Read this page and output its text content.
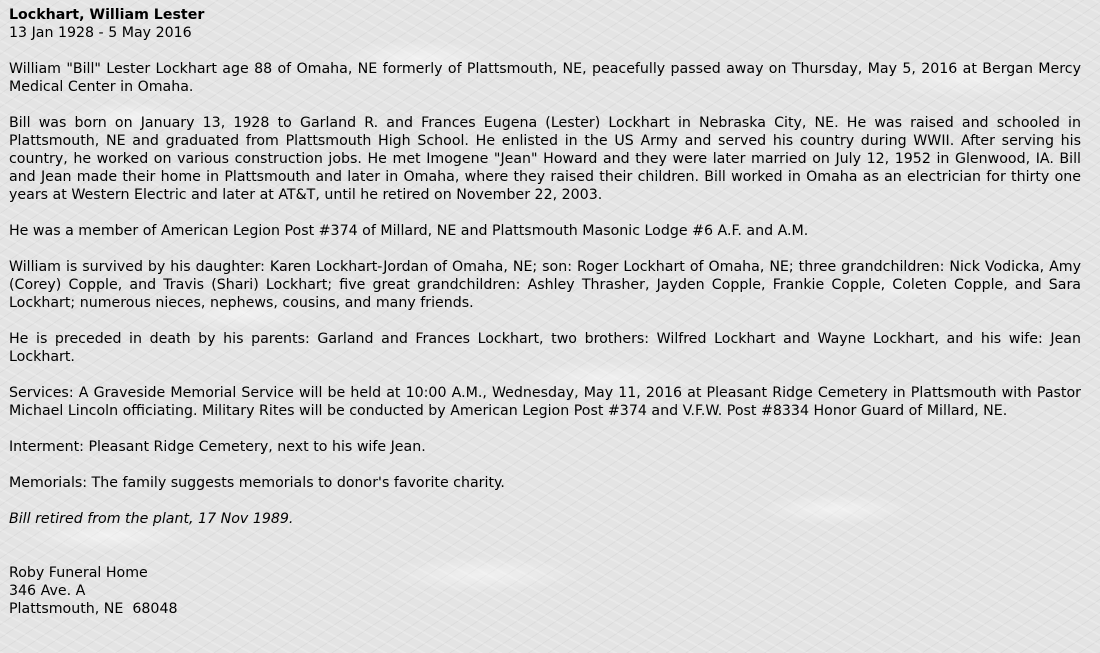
Lockhart, William Lester
13 Jan 1928 - 5 May 2016

William "Bill" Lester Lockhart age 88 of Omaha, NE formerly of Plattsmouth, NE, peacefully passed away on Thursday, May 5, 2016 at Bergan Mercy Medical Center in Omaha.

Bill was born on January 13, 1928 to Garland R. and Frances Eugena (Lester) Lockhart in Nebraska City, NE. He was raised and schooled in Plattsmouth, NE and graduated from Plattsmouth High School. He enlisted in the US Army and served his country during WWII. After serving his country, he worked on various construction jobs. He met Imogene "Jean" Howard and they were later married on July 12, 1952 in Glenwood, IA. Bill and Jean made their home in Plattsmouth and later in Omaha, where they raised their children. Bill worked in Omaha as an electrician for thirty one years at Western Electric and later at AT&T, until he retired on November 22, 2003.

He was a member of American Legion Post #374 of Millard, NE and Plattsmouth Masonic Lodge #6 A.F. and A.M.

William is survived by his daughter: Karen Lockhart-Jordan of Omaha, NE; son: Roger Lockhart of Omaha, NE; three grandchildren: Nick Vodicka, Amy (Corey) Copple, and Travis (Shari) Lockhart; five great grandchildren: Ashley Thrasher, Jayden Copple, Frankie Copple, Coleten Copple, and Sara Lockhart; numerous nieces, nephews, cousins, and many friends.

He is preceded in death by his parents: Garland and Frances Lockhart, two brothers: Wilfred Lockhart and Wayne Lockhart, and his wife: Jean Lockhart.

Services: A Graveside Memorial Service will be held at 10:00 A.M., Wednesday, May 11, 2016 at Pleasant Ridge Cemetery in Plattsmouth with Pastor Michael Lincoln officiating. Military Rites will be conducted by American Legion Post #374 and V.F.W. Post #8334 Honor Guard of Millard, NE.

Interment: Pleasant Ridge Cemetery, next to his wife Jean.

Memorials: The family suggests memorials to donor's favorite charity.

Bill retired from the plant, 17 Nov 1989.

Roby Funeral Home
346 Ave. A
Plattsmouth, NE  68048
